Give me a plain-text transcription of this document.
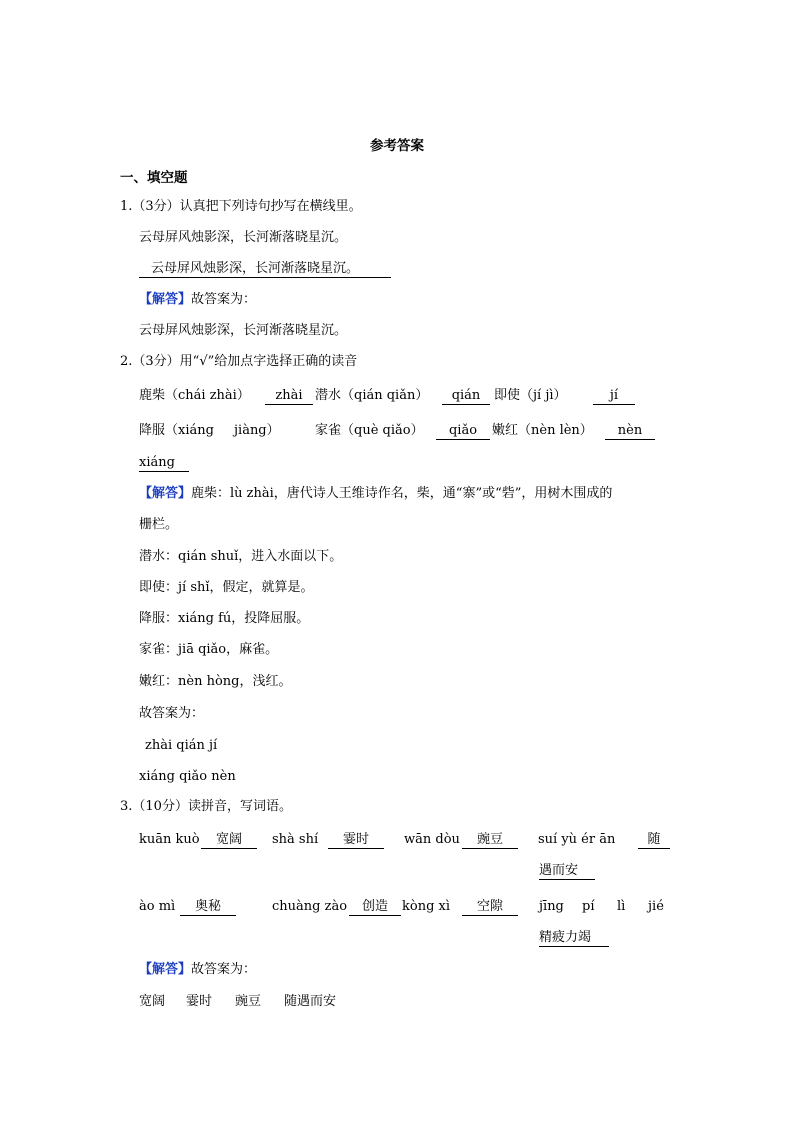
参考答案
一、填空题
1.（3分）认真把下列诗句抄写在横线里。
云母屏风烛影深，长河渐落晓星沉。
云母屏风烛影深，长河渐落晓星沉。
【解答】故答案为：
云母屏风烛影深，长河渐落晓星沉。
2.（3分）用“√”给加点字选择正确的读音
鹿柴（chái zhài）	zhài 潜水（qián qiǎn）	qián	即使（jí jì）	jí
降服（xiáng jiàng）	家雀（què qiǎo）	qiǎo	嫩红（nèn lèn）	nèn
xiáng
【解答】鹿柴：lù zhài，唐代诗人王维诗作名，柴，通“寨”或“砦”，用树木围成的
栅栏。
潜水：qián shuǐ，进入水面以下。
即使：jí shǐ，假定，就算是。
降服：xiáng fú，投降屈服。
家雀：jiā qiǎo，麻雀。
嫩红：nèn hòng，浅红。
故答案为：
zhài qián jí
xiáng qiǎo nèn
3.（10分）读拼音，写词语。
kuān kuò	宽阔	shà shí	霎时	wān dòu	豌豆	suí yù ér ān	随
遇而安
ào mì	奥秘	chuàng zào	创造	kòng xì	空隙	jīng pí lì jié
精疲力竭
【解答】故答案为：
宽阔 霎时 豌豆 随遇而安
